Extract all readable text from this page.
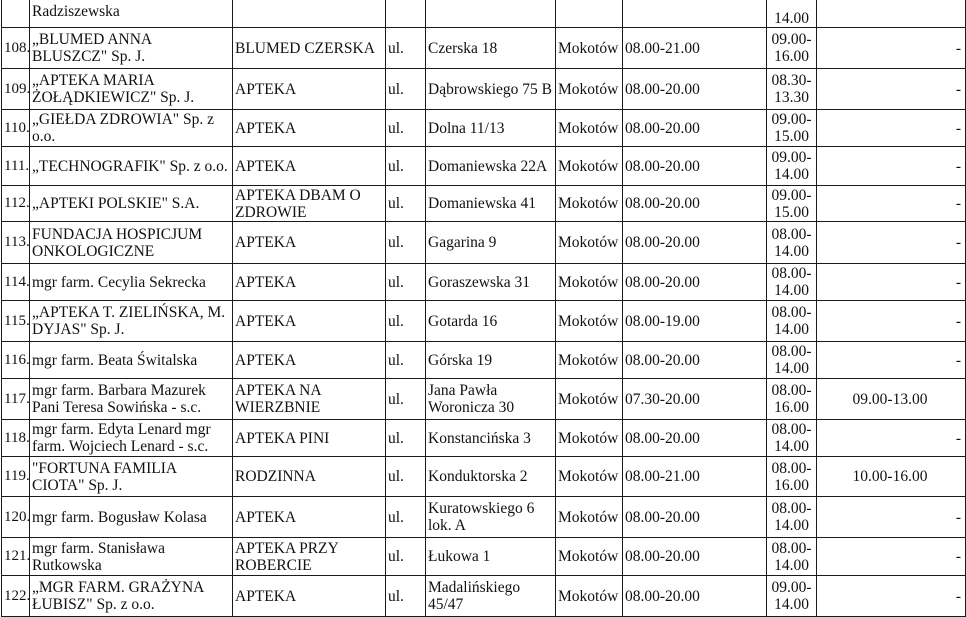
	Radziszewska						14.00	
108.	„BLUMED ANNA BLUSZCZ" Sp. J.	BLUMED CZERSKA	ul.	Czerska 18	Mokotów	08.00-21.00	09.00-16.00	-
109.	„APTEKA MARIA ŻOŁĄDKIEWICZ" Sp. J.	APTEKA	ul.	Dąbrowskiego 75 B	Mokotów	08.00-20.00	08.30-13.30	-
110.	„GIEŁDA ZDROWIA" Sp. z o.o.	APTEKA	ul.	Dolna 11/13	Mokotów	08.00-20.00	09.00-15.00	-
111.	„TECHNOGRAFIK" Sp. z o.o.	APTEKA	ul.	Domaniewska 22A	Mokotów	08.00-20.00	09.00-14.00	-
112.	„APTEKI POLSKIE" S.A.	APTEKA DBAM O ZDROWIE	ul.	Domaniewska 41	Mokotów	08.00-20.00	09.00-15.00	-
113.	FUNDACJA HOSPICJUM ONKOLOGICZNE	APTEKA	ul.	Gagarina 9	Mokotów	08.00-20.00	08.00-14.00	-
114.	mgr farm. Cecylia Sekrecka	APTEKA	ul.	Goraszewska 31	Mokotów	08.00-20.00	08.00-14.00	-
115.	„APTEKA T. ZIELIŃSKA, M. DYJAS" Sp. J.	APTEKA	ul.	Gotarda 16	Mokotów	08.00-19.00	08.00-14.00	-
116.	mgr farm. Beata Świtalska	APTEKA	ul.	Górska 19	Mokotów	08.00-20.00	08.00-14.00	-
117.	mgr farm. Barbara Mazurek Pani Teresa Sowińska - s.c.	APTEKA NA WIERZBNIE	ul.	Jana Pawła Woronicza 30	Mokotów	07.30-20.00	08.00-16.00	09.00-13.00
118.	mgr farm. Edyta Lenard mgr farm. Wojciech Lenard - s.c.	APTEKA PINI	ul.	Konstancińska 3	Mokotów	08.00-20.00	08.00-14.00	-
119.	"FORTUNA FAMILIA CIOTA" Sp. J.	RODZINNA	ul.	Konduktorska 2	Mokotów	08.00-21.00	08.00-16.00	10.00-16.00
120.	mgr farm. Bogusław Kolasa	APTEKA	ul.	Kuratowskiego 6 lok. A	Mokotów	08.00-20.00	08.00-14.00	-
121.	mgr farm. Stanisława Rutkowska	APTEKA PRZY ROBERCIE	ul.	Łukowa 1	Mokotów	08.00-20.00	08.00-14.00	-
122.	„MGR FARM. GRAŻYNA ŁUBISZ" Sp. z o.o.	APTEKA	ul.	Madalińskiego 45/47	Mokotów	08.00-20.00	09.00-14.00	-
